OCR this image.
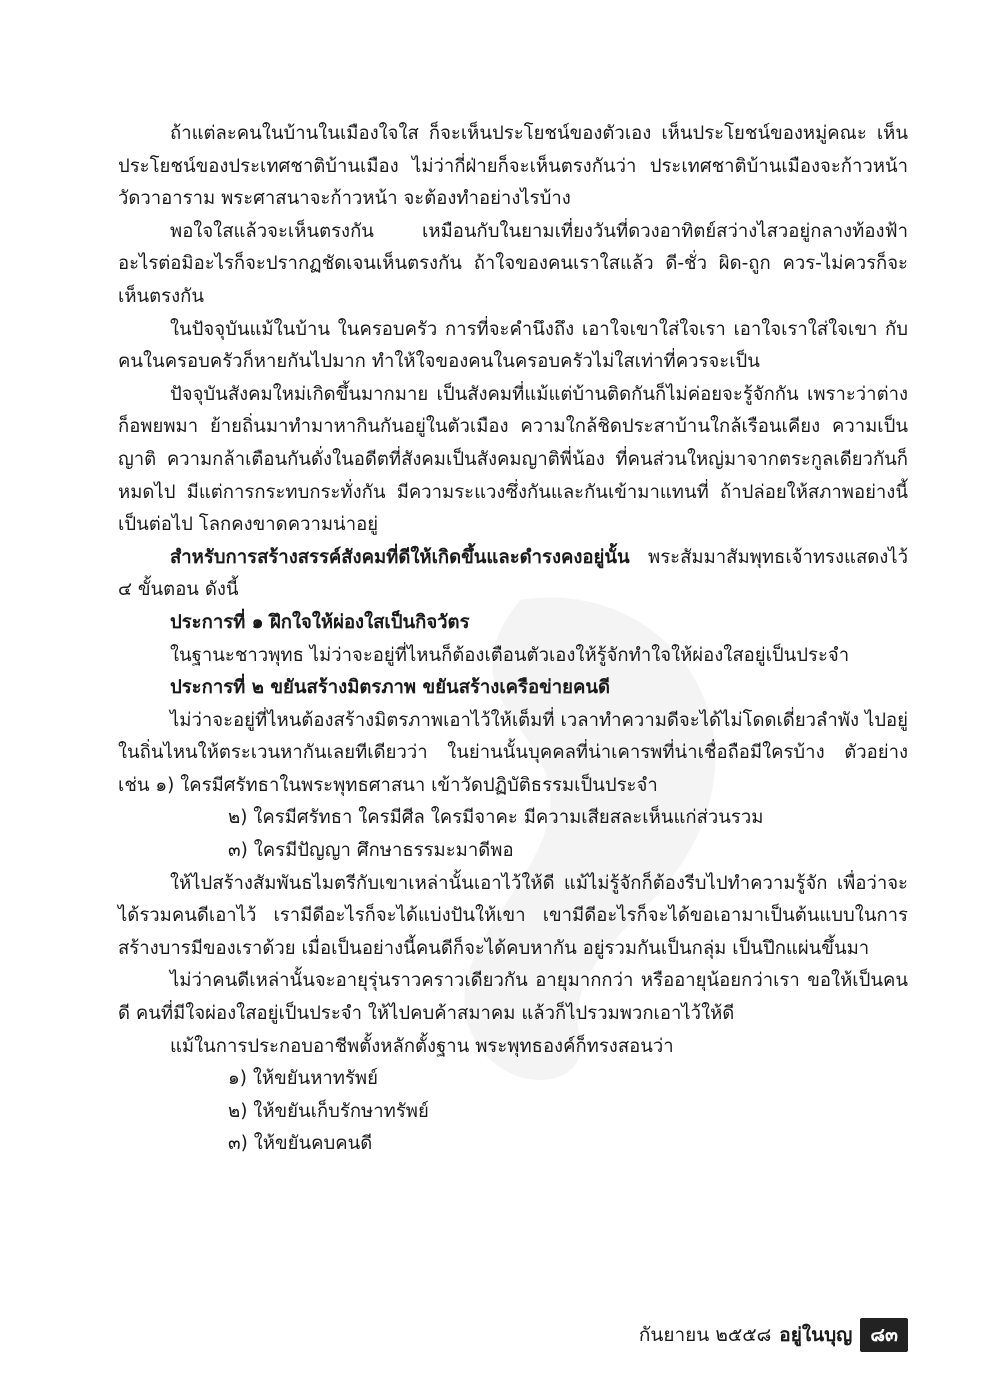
ถ้าแต่ละคนในบ้านในเมืองใจใส ก็จะเห็นประโยชน์ของตัวเอง เห็นประโยชน์ของหมู่คณะ เห็นประโยชน์ของประเทศชาติบ้านเมือง ไม่ว่ากี่ฝ่ายก็จะเห็นตรงกันว่า ประเทศชาติบ้านเมืองจะก้าวหน้า วัดวาอาราม พระศาสนาจะก้าวหน้า จะต้องทำอย่างไรบ้าง

พอใจใสแล้วจะเห็นตรงกัน เหมือนกับในยามเที่ยงวันที่ดวงอาทิตย์สว่างไสวอยู่กลางท้องฟ้า อะไรต่อมิอะไรก็จะปรากฏชัดเจนเห็นตรงกัน ถ้าใจของคนเราใสแล้ว ดี-ชั่ว ผิด-ถูก ควร-ไม่ควรก็จะเห็นตรงกัน

ในปัจจุบันแม้ในบ้าน ในครอบครัว การที่จะคำนึงถึง เอาใจเขาใส่ใจเรา เอาใจเราใส่ใจเขา กับคนในครอบครัวก็หายกันไปมาก ทำให้ใจของคนในครอบครัวไม่ใสเท่าที่ควรจะเป็น

ปัจจุบันสังคมใหม่เกิดขึ้นมากมาย เป็นสังคมที่แม้แต่บ้านติดกันก็ไม่ค่อยจะรู้จักกัน เพราะว่าต่างก็อพยพมา ย้ายถิ่นมาทำมาหากินกันอยู่ในตัวเมือง ความใกล้ชิดประสาบ้านใกล้เรือนเคียง ความเป็นญาติ ความกล้าเตือนกันดั่งในอดีตที่สังคมเป็นสังคมญาติพี่น้อง ที่คนส่วนใหญ่มาจากตระกูลเดียวกันก็หมดไป มีแต่การกระทบกระทั่งกัน มีความระแวงซึ่งกันและกันเข้ามาแทนที่ ถ้าปล่อยให้สภาพอย่างนี้เป็นต่อไป โลกคงขาดความน่าอยู่

สำหรับการสร้างสรรค์สังคมที่ดีให้เกิดขึ้นและดำรงคงอยู่นั้น พระสัมมาสัมพุทธเจ้าทรงแสดงไว้ ๔ ขั้นตอน ดังนี้

ประการที่ ๑ ฝึกใจให้ผ่องใสเป็นกิจวัตร

ในฐานะชาวพุทธ ไม่ว่าจะอยู่ที่ไหนก็ต้องเตือนตัวเองให้รู้จักทำใจให้ผ่องใสอยู่เป็นประจำ

ประการที่ ๒ ขยันสร้างมิตรภาพ ขยันสร้างเครือข่ายคนดี

ไม่ว่าจะอยู่ที่ไหนต้องสร้างมิตรภาพเอาไว้ให้เต็มที่ เวลาทำความดีจะได้ไม่โดดเดี่ยวลำพัง ไปอยู่ในถิ่นไหนให้ตระเวนหากันเลยทีเดียวว่า ในย่านนั้นบุคคลที่น่าเคารพที่น่าเชื่อถือมีใครบ้าง ตัวอย่างเช่น ๑) ใครมีศรัทธาในพระพุทธศาสนา เข้าวัดปฏิบัติธรรมเป็นประจำ

๒) ใครมีศรัทธา ใครมีศีล ใครมีจาคะ มีความเสียสละเห็นแก่ส่วนรวม

๓) ใครมีปัญญา ศึกษาธรรมะมาดีพอ

ให้ไปสร้างสัมพันธไมตรีกับเขาเหล่านั้นเอาไว้ให้ดี แม้ไม่รู้จักก็ต้องรีบไปทำความรู้จัก เพื่อว่าจะได้รวมคนดีเอาไว้ เรามีดีอะไรก็จะได้แบ่งปันให้เขา เขามีดีอะไรก็จะได้ขอเอามาเป็นต้นแบบในการสร้างบารมีของเราด้วย เมื่อเป็นอย่างนี้คนดีก็จะได้คบหากัน อยู่รวมกันเป็นกลุ่ม เป็นปึกแผ่นขึ้นมา

ไม่ว่าคนดีเหล่านั้นจะอายุรุ่นราวคราวเดียวกัน อายุมากกว่า หรืออายุน้อยกว่าเรา ขอให้เป็นคนดี คนที่มีใจผ่องใสอยู่เป็นประจำ ให้ไปคบค้าสมาคม แล้วก็ไปรวมพวกเอาไว้ให้ดี

แม้ในการประกอบอาชีพตั้งหลักตั้งฐาน พระพุทธองค์ก็ทรงสอนว่า

๑) ให้ขยันหาทรัพย์

๒) ให้ขยันเก็บรักษาทรัพย์

๓) ให้ขยันคบคนดี

กันยายน ๒๕๕๘ อยู่ในบุญ ๘๓
